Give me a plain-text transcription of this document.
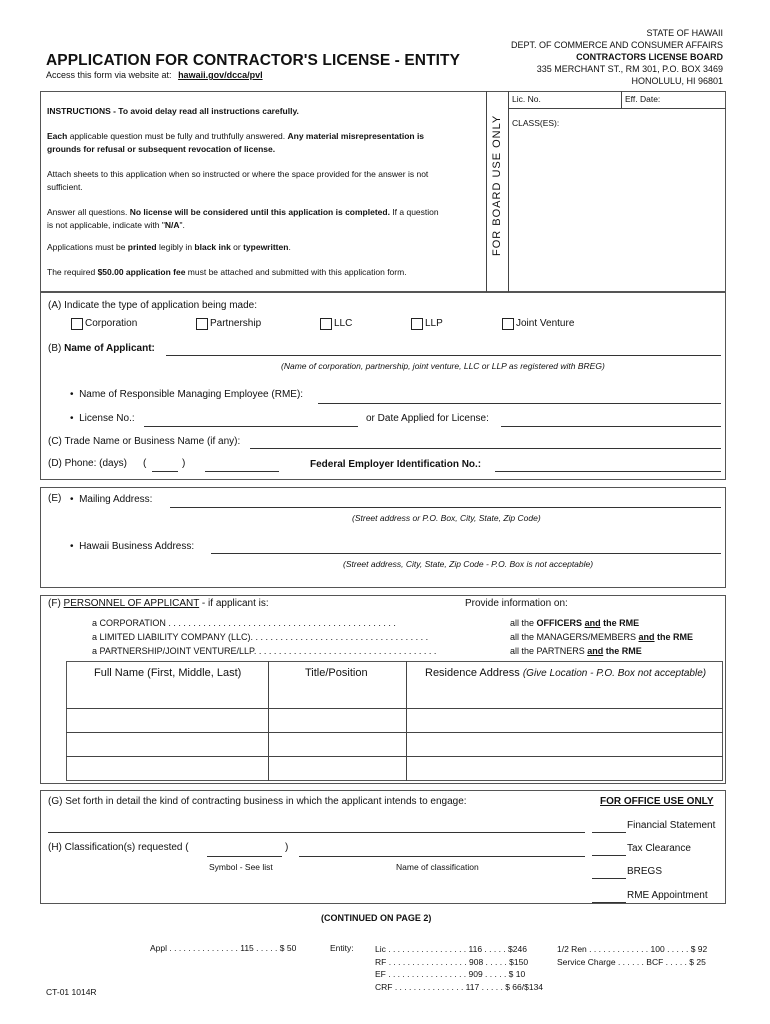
STATE OF HAWAII
DEPT. OF COMMERCE AND CONSUMER AFFAIRS
CONTRACTORS LICENSE BOARD
335 MERCHANT ST., RM 301, P.O. BOX 3469
HONOLULU, HI 96801
APPLICATION FOR CONTRACTOR'S LICENSE - ENTITY
Access this form via website at: hawaii.gov/dcca/pvl
Lic. No.	Eff. Date:
CLASS(ES):
FOR BOARD USE ONLY
INSTRUCTIONS - To avoid delay read all instructions carefully.
Each applicable question must be fully and truthfully answered. Any material misrepresentation is
grounds for refusal or subsequent revocation of license.
Attach sheets to this application when so instructed or where the space provided for the answer is not
sufficient.
Answer all questions. No license will be considered until this application is completed. If a question
is not applicable, indicate with "N/A".
Applications must be printed legibly in black ink or typewritten.
The required $50.00 application fee must be attached and submitted with this application form.
(A) Indicate the type of application being made:
Corporation	Partnership	LLC	LLP	Joint Venture
(B) Name of Applicant:
(Name of corporation, partnership, joint venture, LLC or LLP as registered with BREG)
•  Name of Responsible Managing Employee (RME):
•  License No.:	or Date Applied for License:
(C) Trade Name or Business Name (if any):
(D) Phone: (days) (	)	Federal Employer Identification No.:
(E) •  Mailing Address:
(Street address or P.O. Box, City, State, Zip Code)
•  Hawaii Business Address:
(Street address, City, State, Zip Code - P.O. Box is not acceptable)
(F) PERSONNEL OF APPLICANT - if applicant is:	Provide information on:
a CORPORATION . . . . . . . . . . . . . . . . . . . . . . . . . . . . . . . . . . . . . . . . . . . . . .	all the OFFICERS and the RME
a LIMITED LIABILITY COMPANY (LLC). . . . . . . . . . . . . . . . . . . . . . . . . . . . . . . . . . . .	all the MANAGERS/MEMBERS and the RME
a PARTNERSHIP/JOINT VENTURE/LLP. . . . . . . . . . . . . . . . . . . . . . . . . . . . . . . . . . . . .	all the PARTNERS and the RME
Full Name (First, Middle, Last)	Title/Position	Residence Address (Give Location - P.O. Box not acceptable)
(G) Set forth in detail the kind of contracting business in which the applicant intends to engage:
(H) Classification(s) requested (	)
Symbol - See list	Name of classification
FOR OFFICE USE ONLY
Financial Statement
Tax Clearance
BREGS
RME Appointment
(CONTINUED ON PAGE 2)
Appl . . . . . . . . . . . . . . . 115 . . . . . $ 50	Entity:	Lic . . . . . . . . . . . . . . . . . 116 . . . . . $246
RF . . . . . . . . . . . . . . . . . 908 . . . . . $150
EF . . . . . . . . . . . . . . . . . 909 . . . . . $ 10
CRF . . . . . . . . . . . . . . . 117 . . . . . $ 66/$134
1/2 Ren . . . . . . . . . . . . . 100 . . . . . $ 92
Service Charge . . . . . . BCF . . . . . $ 25
CT-01 1014R
